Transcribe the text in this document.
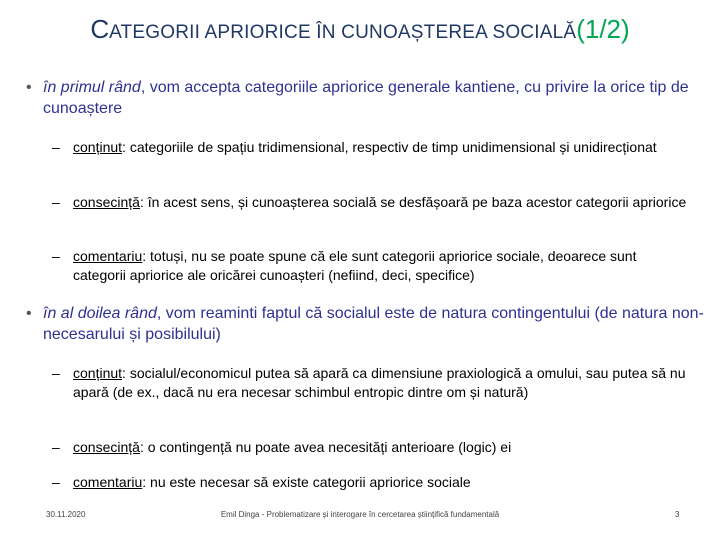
CATEGORII APRIORICE ÎN CUNOAȘTEREA SOCIALĂ(1/2)
• în primul rând, vom accepta categoriile apriorice generale kantiene, cu privire la orice tip de cunoaștere
– conținut: categoriile de spațiu tridimensional, respectiv de timp unidimensional și unidirecționat
– consecință: în acest sens, și cunoașterea socială se desfășoară pe baza acestor categorii apriorice
– comentariu: totuși, nu se poate spune că ele sunt categorii apriorice sociale, deoarece sunt categorii apriorice ale oricărei cunoașteri (nefiind, deci, specifice)
• în al doilea rând, vom reaminti faptul că socialul este de natura contingentului (de natura non-necesarului și posibilului)
– conținut: socialul/economicul putea să apară ca dimensiune praxiologică a omului, sau putea să nu apară (de ex., dacă nu era necesar schimbul entropic dintre om și natură)
– consecință: o contingență nu poate avea necesități anterioare (logic) ei
– comentariu: nu este necesar să existe categorii apriorice sociale
30.11.2020	Emil Dinga - Problematizare și interogare în cercetarea științifică fundamentală	3
